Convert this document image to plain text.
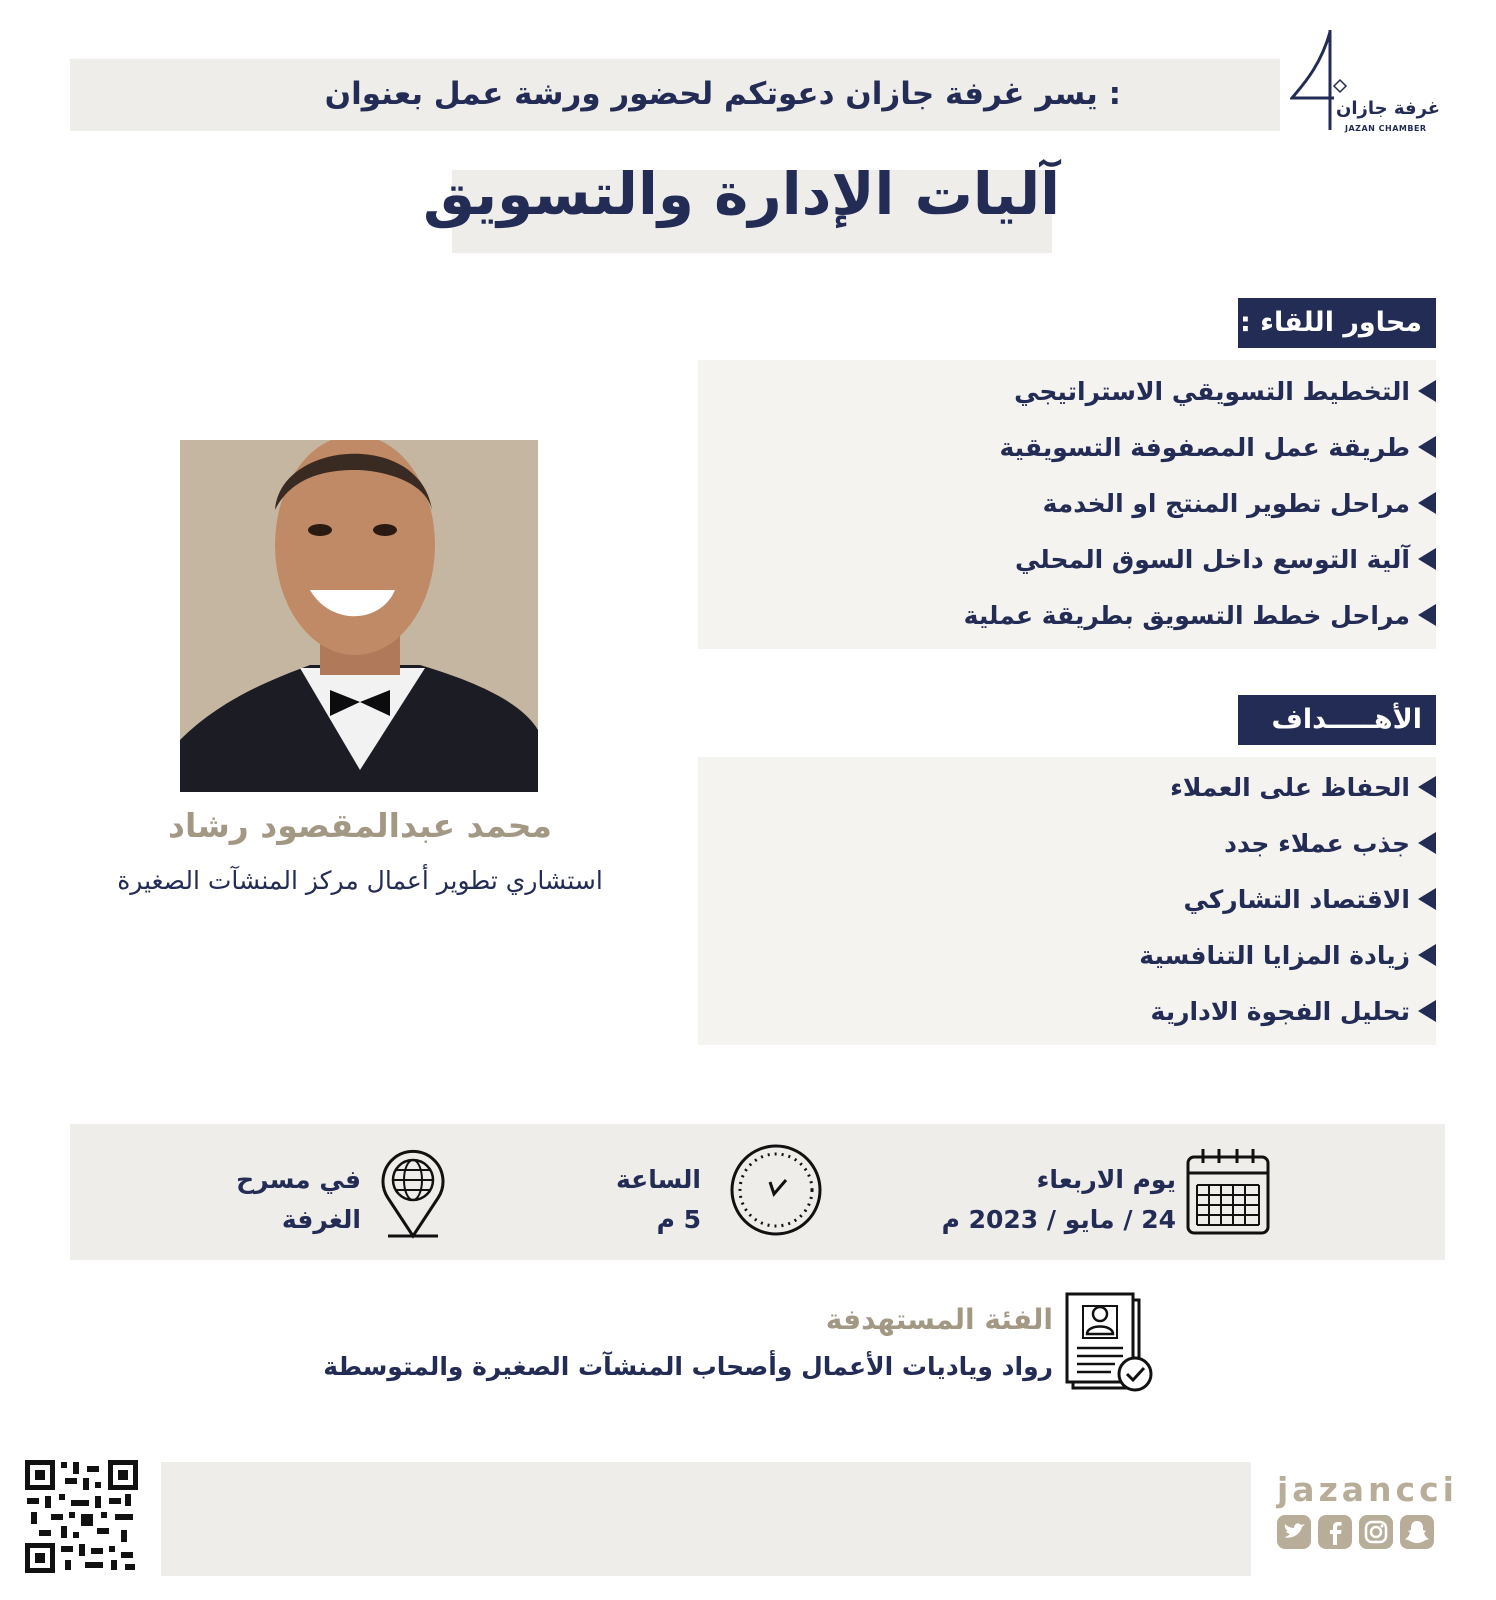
يسر غرفة جازان دعوتكم لحضور ورشة عمل بعنوان :	غرفة جازان
JAZAN CHAMBER
آليات الإدارة والتسويق
محاور اللقاء :
التخطيط التسويقي الاستراتيجي
طريقة عمل المصفوفة التسويقية
مراحل تطوير المنتج او الخدمة
آلية التوسع داخل السوق المحلي
مراحل خطط التسويق بطريقة عملية
الأهـــــداف
الحفاظ على العملاء
جذب عملاء جدد
الاقتصاد التشاركي
زيادة المزايا التنافسية
تحليل الفجوة الادارية
محمد عبدالمقصود رشاد
استشاري تطوير أعمال مركز المنشآت الصغيرة
يوم الاربعاء
24 / مايو / 2023 م
الساعة
5 م
في مسرح
الغرفة
الفئة المستهدفة
رواد وياديات الأعمال وأصحاب المنشآت الصغيرة والمتوسطة
jazancci
